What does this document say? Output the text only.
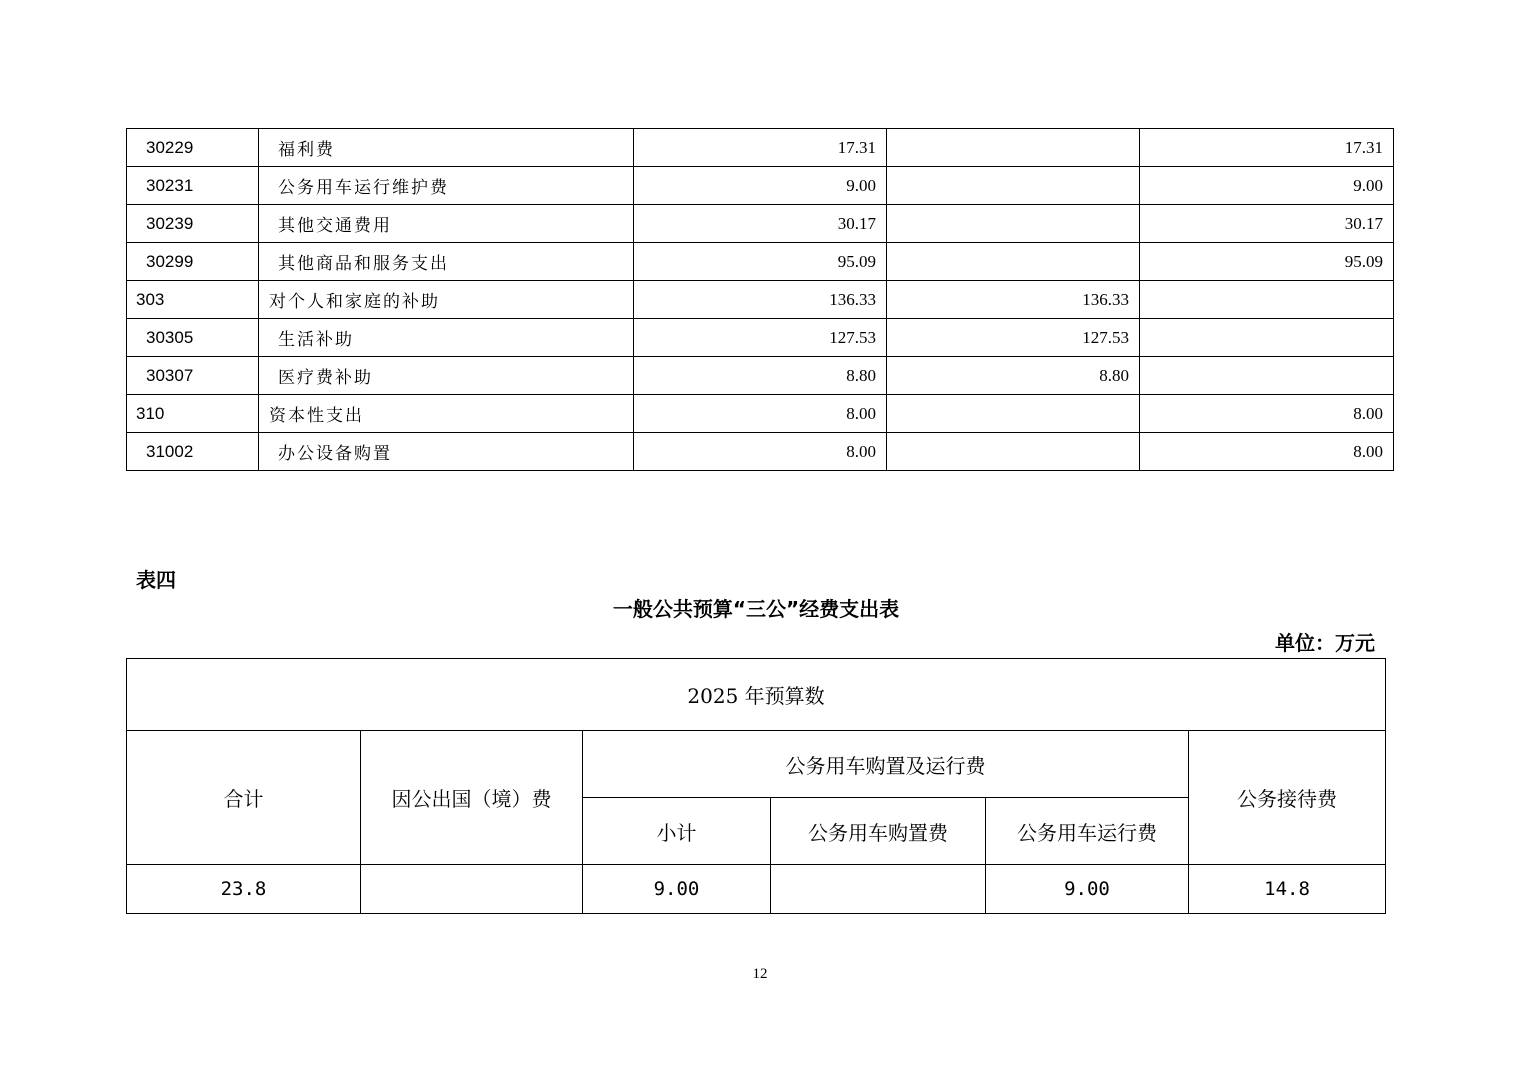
30229	福利费	17.31		17.31
30231	公务用车运行维护费	9.00		9.00
30239	其他交通费用	30.17		30.17
30299	其他商品和服务支出	95.09		95.09
303	对个人和家庭的补助	136.33	136.33	
30305	生活补助	127.53	127.53	
30307	医疗费补助	8.80	8.80	
310	资本性支出	8.00		8.00
31002	办公设备购置	8.00		8.00
表四
一般公共预算“三公”经费支出表
单位：万元
2025 年预算数					
合计	因公出国（境）费	公务用车购置及运行费			公务接待费
		小计	公务用车购置费	公务用车运行费	
23.8		9.00		9.00	14.8
12
